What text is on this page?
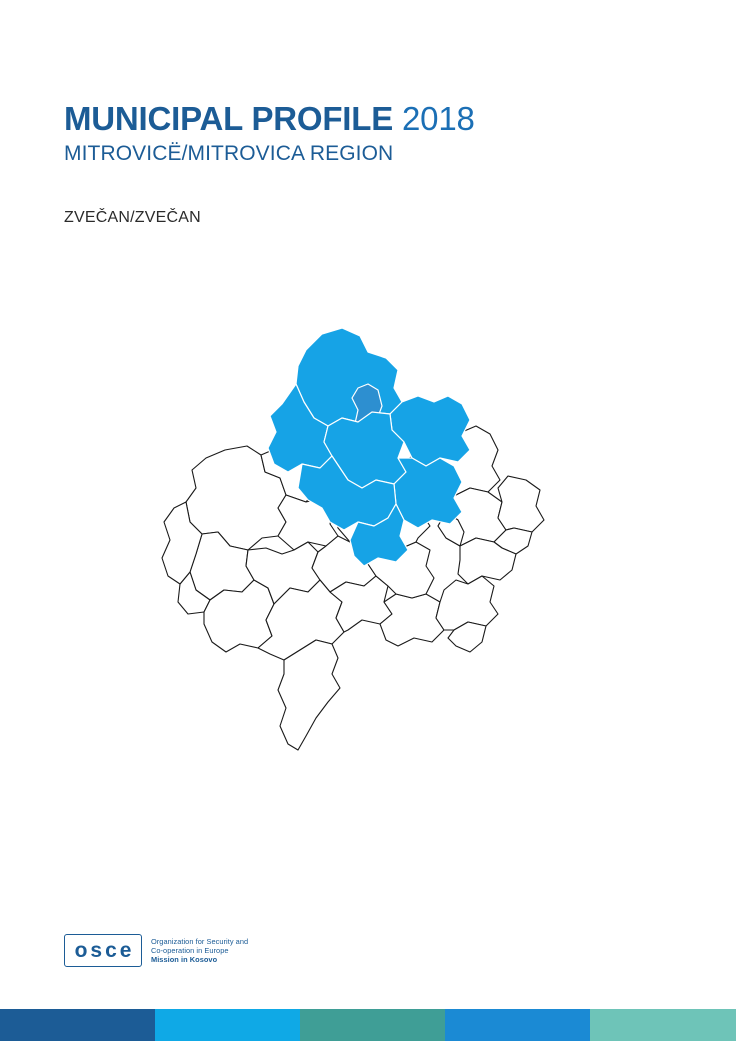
MUNICIPAL PROFILE 2018
MITROVICË/MITROVICA REGION
ZVEČAN/ZVEČAN
osce Organization for Security and
Co-operation in Europe
Mission in Kosovo
